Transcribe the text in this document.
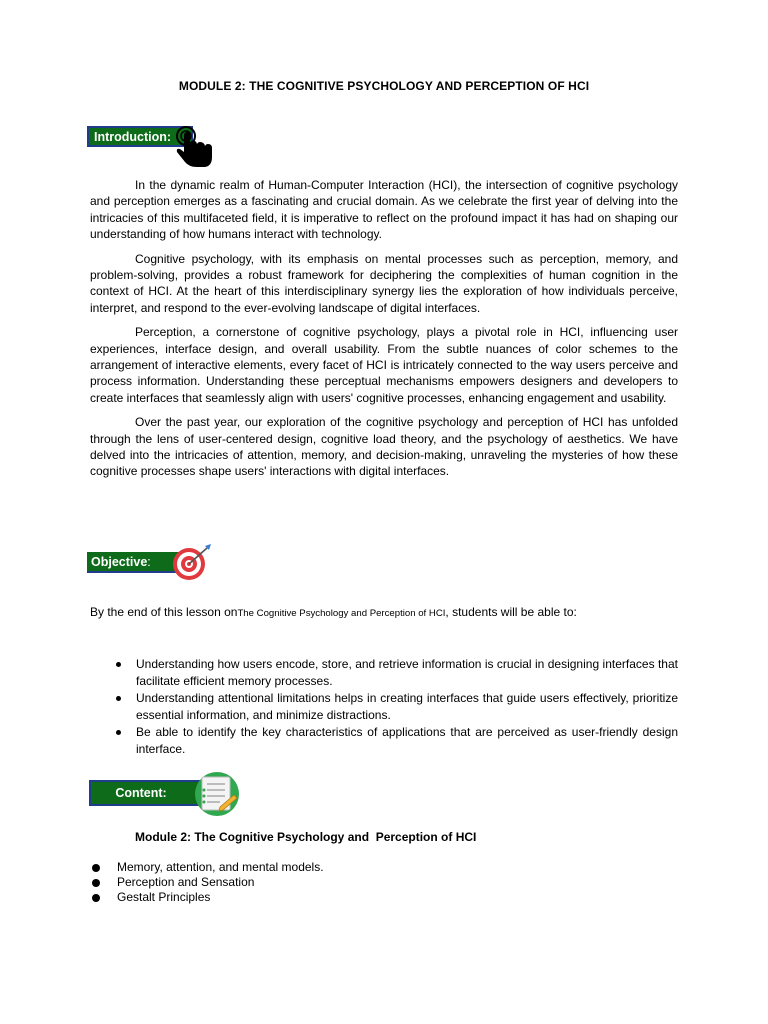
MODULE 2: THE COGNITIVE PSYCHOLOGY AND PERCEPTION OF HCI
Introduction:

In the dynamic realm of Human-Computer Interaction (HCI), the intersection of cognitive psychology and perception emerges as a fascinating and crucial domain. As we celebrate the first year of delving into the intricacies of this multifaceted field, it is imperative to reflect on the profound impact it has had on shaping our understanding of how humans interact with technology.

Cognitive psychology, with its emphasis on mental processes such as perception, memory, and problem-solving, provides a robust framework for deciphering the complexities of human cognition in the context of HCI. At the heart of this interdisciplinary synergy lies the exploration of how individuals perceive, interpret, and respond to the ever-evolving landscape of digital interfaces.

Perception, a cornerstone of cognitive psychology, plays a pivotal role in HCI, influencing user experiences, interface design, and overall usability. From the subtle nuances of color schemes to the arrangement of interactive elements, every facet of HCI is intricately connected to the way users perceive and process information. Understanding these perceptual mechanisms empowers designers and developers to create interfaces that seamlessly align with users' cognitive processes, enhancing engagement and usability.

Over the past year, our exploration of the cognitive psychology and perception of HCI has unfolded through the lens of user-centered design, cognitive load theory, and the psychology of aesthetics. We have delved into the intricacies of attention, memory, and decision-making, unraveling the mysteries of how these cognitive processes shape users' interactions with digital interfaces.

Objective :
By the end of this lesson onThe Cognitive Psychology and Perception of HCI, students will be able to:
Understanding how users encode, store, and retrieve information is crucial in designing interfaces that facilitate efficient memory processes.
Understanding attentional limitations helps in creating interfaces that guide users effectively, prioritize essential information, and minimize distractions.
Be able to identify the key characteristics of applications that are perceived as user-friendly design interface.
Content:
Module 2: The Cognitive Psychology and  Perception of HCI
Memory, attention, and mental models.
Perception and Sensation
Gestalt Principles
